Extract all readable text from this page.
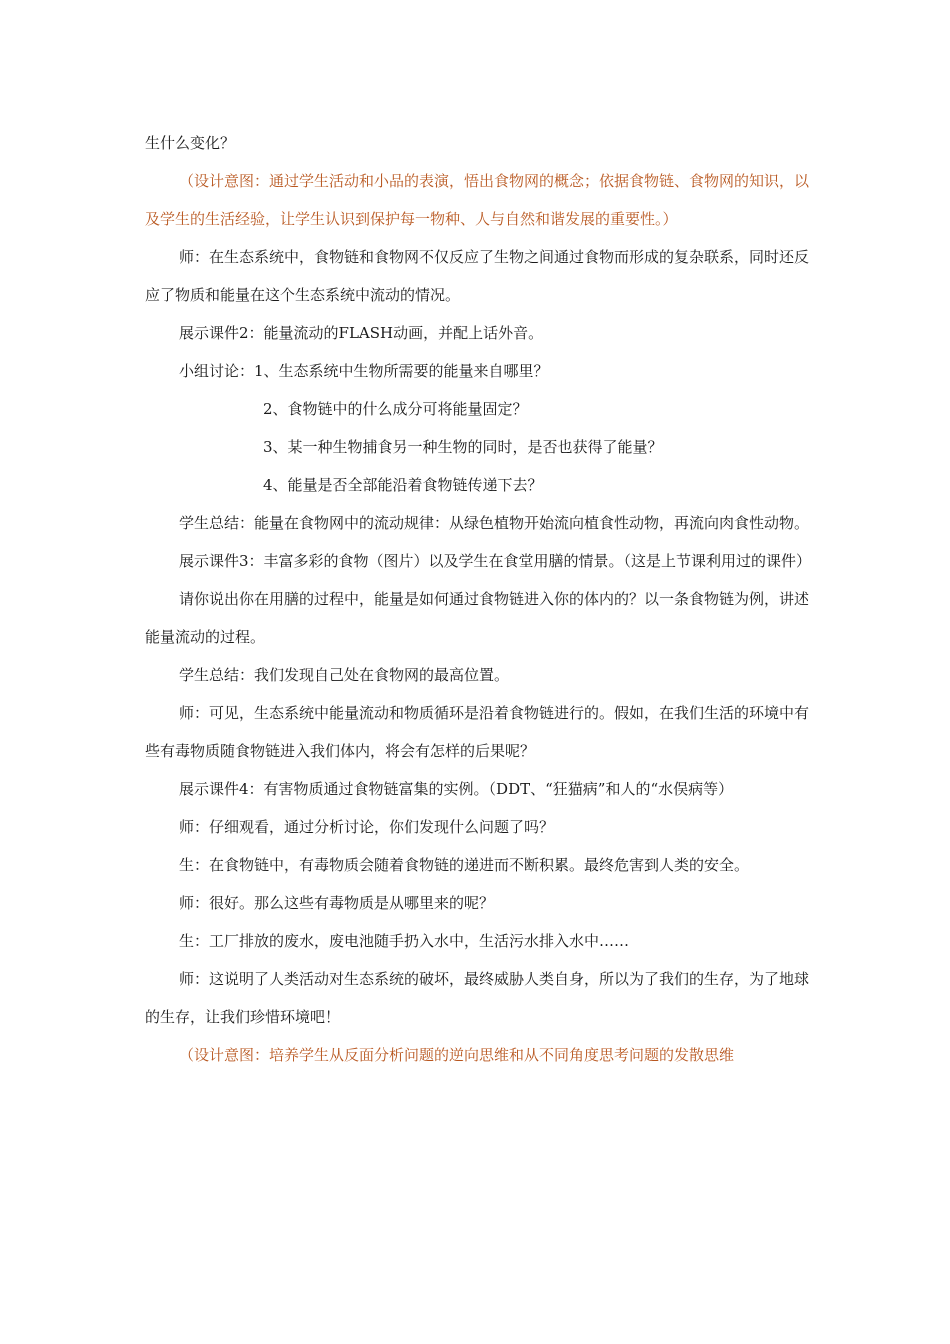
生什么变化？

（设计意图：通过学生活动和小品的表演，悟出食物网的概念；依据食物链、食物网的知识，以及学生的生活经验，让学生认识到保护每一物种、人与自然和谐发展的重要性。）

师：在生态系统中，食物链和食物网不仅反应了生物之间通过食物而形成的复杂联系，同时还反应了物质和能量在这个生态系统中流动的情况。

展示课件2：能量流动的FLASH动画，并配上话外音。

小组讨论：1、生态系统中生物所需要的能量来自哪里？

2、食物链中的什么成分可将能量固定？

3、某一种生物捕食另一种生物的同时，是否也获得了能量？

4、能量是否全部能沿着食物链传递下去？

学生总结：能量在食物网中的流动规律：从绿色植物开始流向植食性动物，再流向肉食性动物。

展示课件3：丰富多彩的食物（图片）以及学生在食堂用膳的情景。（这是上节课利用过的课件）

请你说出你在用膳的过程中，能量是如何通过食物链进入你的体内的？以一条食物链为例，讲述能量流动的过程。

学生总结：我们发现自己处在食物网的最高位置。

师：可见，生态系统中能量流动和物质循环是沿着食物链进行的。假如，在我们生活的环境中有些有毒物质随食物链进入我们体内，将会有怎样的后果呢？

展示课件4：有害物质通过食物链富集的实例。（DDT、“狂猫病”和人的“水俣病等）

师：仔细观看，通过分析讨论，你们发现什么问题了吗？

生：在食物链中，有毒物质会随着食物链的递进而不断积累。最终危害到人类的安全。

师：很好。那么这些有毒物质是从哪里来的呢？

生：工厂排放的废水，废电池随手扔入水中，生活污水排入水中……

师：这说明了人类活动对生态系统的破坏，最终威胁人类自身，所以为了我们的生存，为了地球的生存，让我们珍惜环境吧！

（设计意图：培养学生从反面分析问题的逆向思维和从不同角度思考问题的发散思维
